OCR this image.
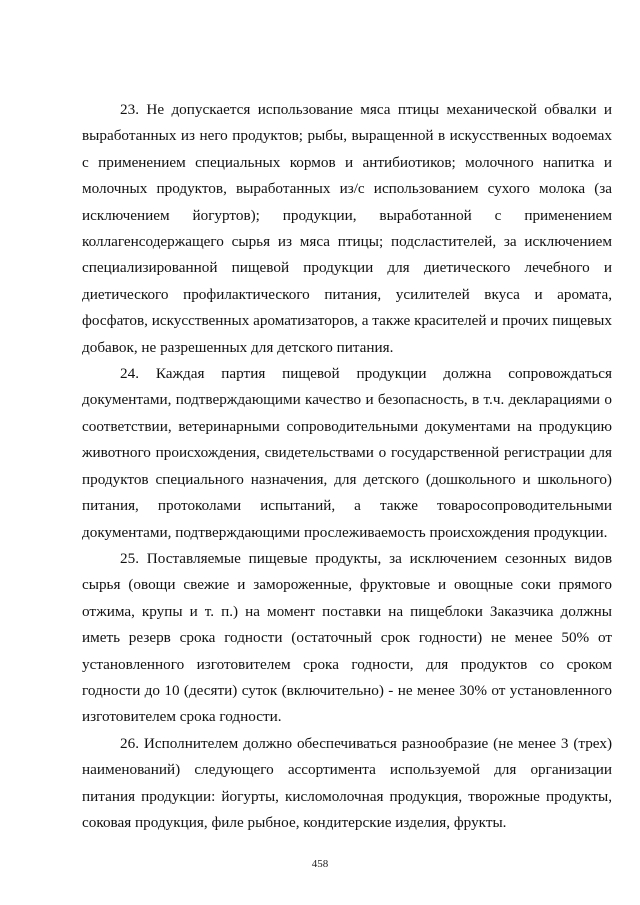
23. Не допускается использование мяса птицы механической обвалки и выработанных из него продуктов; рыбы, выращенной в искусственных водоемах с применением специальных кормов и антибиотиков; молочного напитка и молочных продуктов, выработанных из/с использованием сухого молока (за исключением йогуртов); продукции, выработанной с применением коллагенсодержащего сырья из мяса птицы; подсластителей, за исключением специализированной пищевой продукции для диетического лечебного и диетического профилактического питания, усилителей вкуса и аромата, фосфатов, искусственных ароматизаторов, а также красителей и прочих пищевых добавок, не разрешенных для детского питания.

24. Каждая партия пищевой продукции должна сопровождаться документами, подтверждающими качество и безопасность, в т.ч. декларациями о соответствии, ветеринарными сопроводительными документами на продукцию животного происхождения, свидетельствами о государственной регистрации для продуктов специального назначения, для детского (дошкольного и школьного) питания, протоколами испытаний, а также товаросопроводительными документами, подтверждающими прослеживаемость происхождения продукции.

25. Поставляемые пищевые продукты, за исключением сезонных видов сырья (овощи свежие и замороженные, фруктовые и овощные соки прямого отжима, крупы и т. п.) на момент поставки на пищеблоки Заказчика должны иметь резерв срока годности (остаточный срок годности) не менее 50% от установленного изготовителем срока годности, для продуктов со сроком годности до 10 (десяти) суток (включительно) - не менее 30% от установленного изготовителем срока годности.

26. Исполнителем должно обеспечиваться разнообразие (не менее 3 (трех) наименований) следующего ассортимента используемой для организации питания продукции: йогурты, кисломолочная продукция, творожные продукты, соковая продукция, филе рыбное, кондитерские изделия, фрукты.

458
